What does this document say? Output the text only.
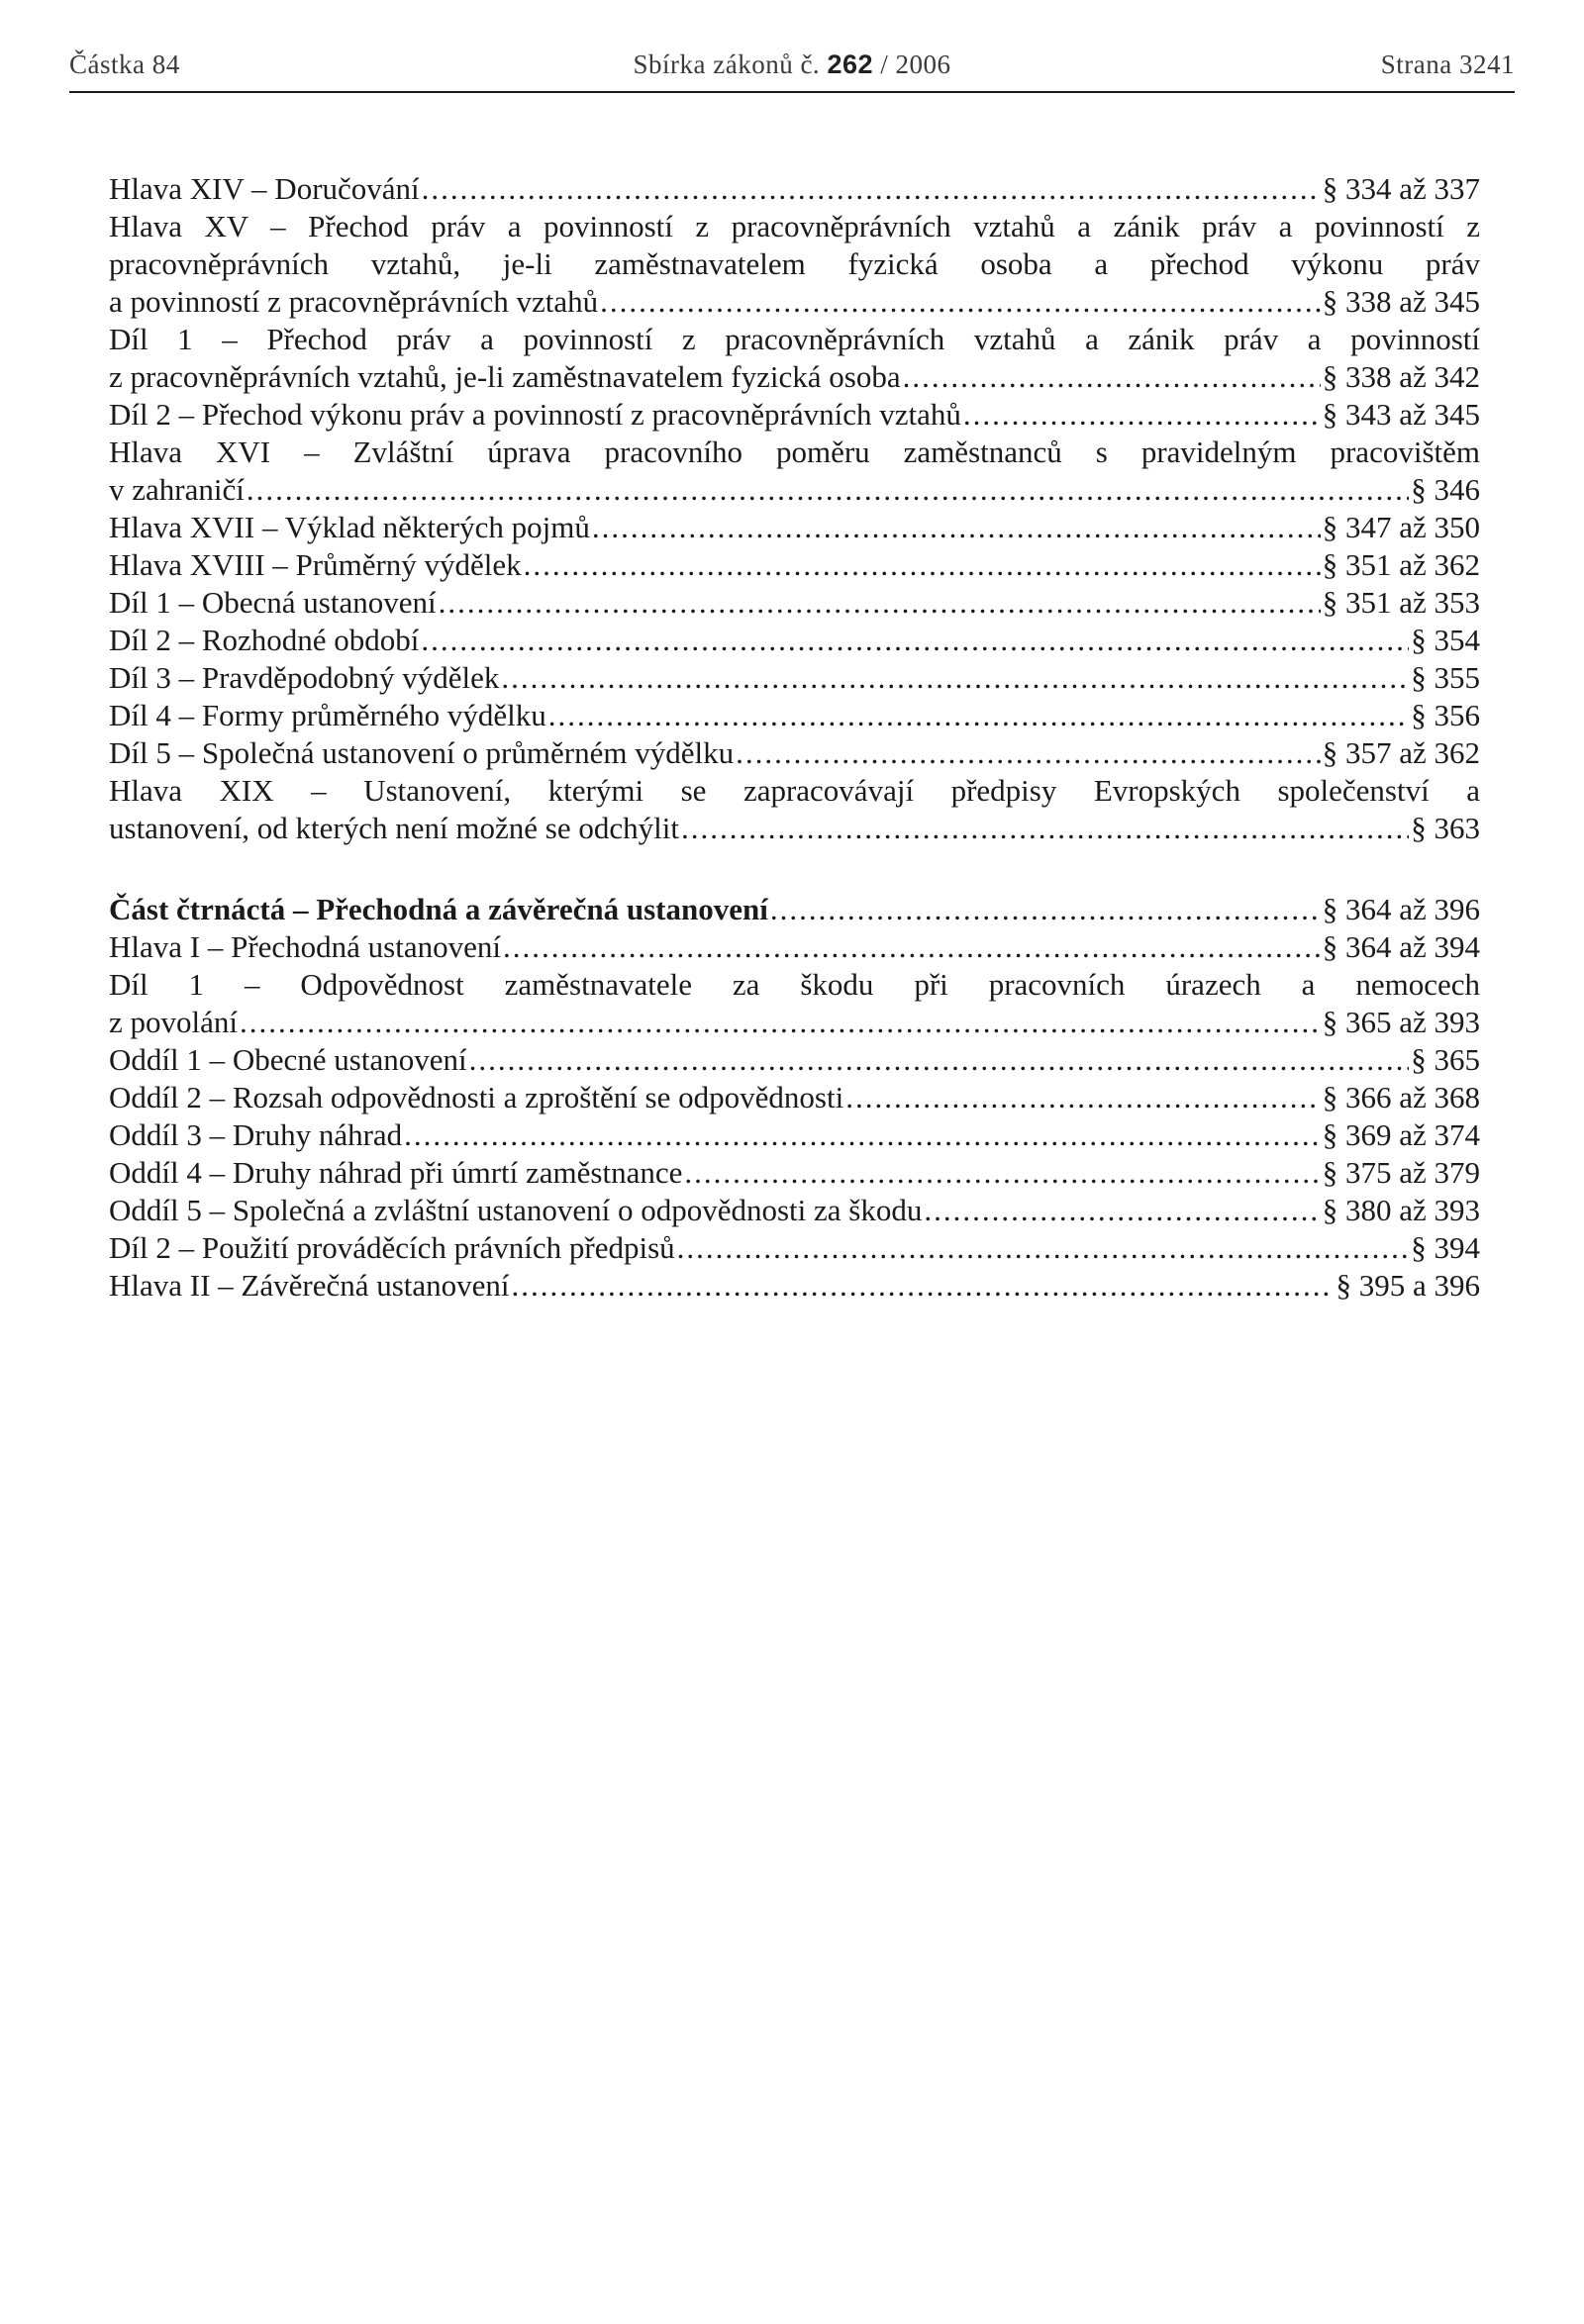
Částka 84	Sbírka zákonů č. 262 / 2006	Strana 3241
Hlava XIV – Doručování .....	§ 334 až 337
Hlava XV – Přechod práv a povinností z pracovněprávních vztahů a zánik práv a povinností z pracovněprávních vztahů, je-li zaměstnavatelem fyzická osoba a přechod výkonu práv
a povinností z pracovněprávních vztahů .....	§ 338 až 345
Díl 1 – Přechod práv a povinností z pracovněprávních vztahů a zánik práv a povinností
z pracovněprávních vztahů, je-li zaměstnavatelem fyzická osoba .....	§ 338 až 342
Díl 2 – Přechod výkonu práv a povinností z pracovněprávních vztahů .....	§ 343 až 345
Hlava XVI – Zvláštní úprava pracovního poměru zaměstnanců s pravidelným pracovištěm
v zahraničí .....	§ 346
Hlava XVII – Výklad některých pojmů .....	§ 347 až 350
Hlava XVIII – Průměrný výdělek .....	§ 351 až 362
Díl 1 – Obecná ustanovení .....	§ 351 až 353
Díl 2 – Rozhodné období .....	§ 354
Díl 3 – Pravděpodobný výdělek .....	§ 355
Díl 4 – Formy průměrného výdělku .....	§ 356
Díl 5 – Společná ustanovení o průměrném výdělku .....	§ 357 až 362
Hlava XIX – Ustanovení, kterými se zapracovávají předpisy Evropských společenství a
ustanovení, od kterých není možné se odchýlit .....	§ 363
Část čtrnáctá – Přechodná a závěrečná ustanovení .....	§ 364 až 396
Hlava I – Přechodná ustanovení .....	§ 364 až 394
Díl 1 – Odpovědnost zaměstnavatele za škodu při pracovních úrazech a nemocech
z povolání .....	§ 365 až 393
Oddíl 1 – Obecné ustanovení .....	§ 365
Oddíl 2 – Rozsah odpovědnosti a zproštění se odpovědnosti .....	§ 366 až 368
Oddíl 3 – Druhy náhrad .....	§ 369 až 374
Oddíl 4 – Druhy náhrad při úmrtí zaměstnance .....	§ 375 až 379
Oddíl 5 – Společná a zvláštní ustanovení o odpovědnosti za škodu .....	§ 380 až 393
Díl 2 – Použití prováděcích právních předpisů .....	§ 394
Hlava II – Závěrečná ustanovení .....	§ 395 a 396
